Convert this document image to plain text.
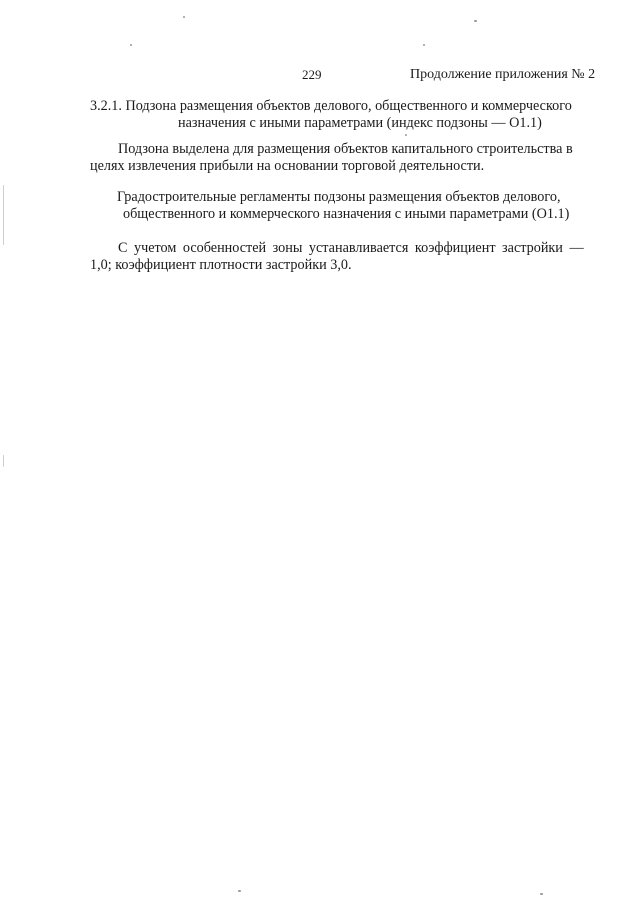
229	Продолжение приложения № 2
3.2.1. Подзона размещения объектов делового, общественного и коммерческого
назначения с иными параметрами (индекс подзоны — О1.1)
Подзона выделена для размещения объектов капитального строительства в
целях извлечения прибыли на основании торговой деятельности.
Градостроительные регламенты подзоны размещения объектов делового,
общественного и коммерческого назначения с иными параметрами (О1.1)
С учетом особенностей зоны устанавливается коэффициент застройки —
1,0; коэффициент плотности застройки 3,0.
